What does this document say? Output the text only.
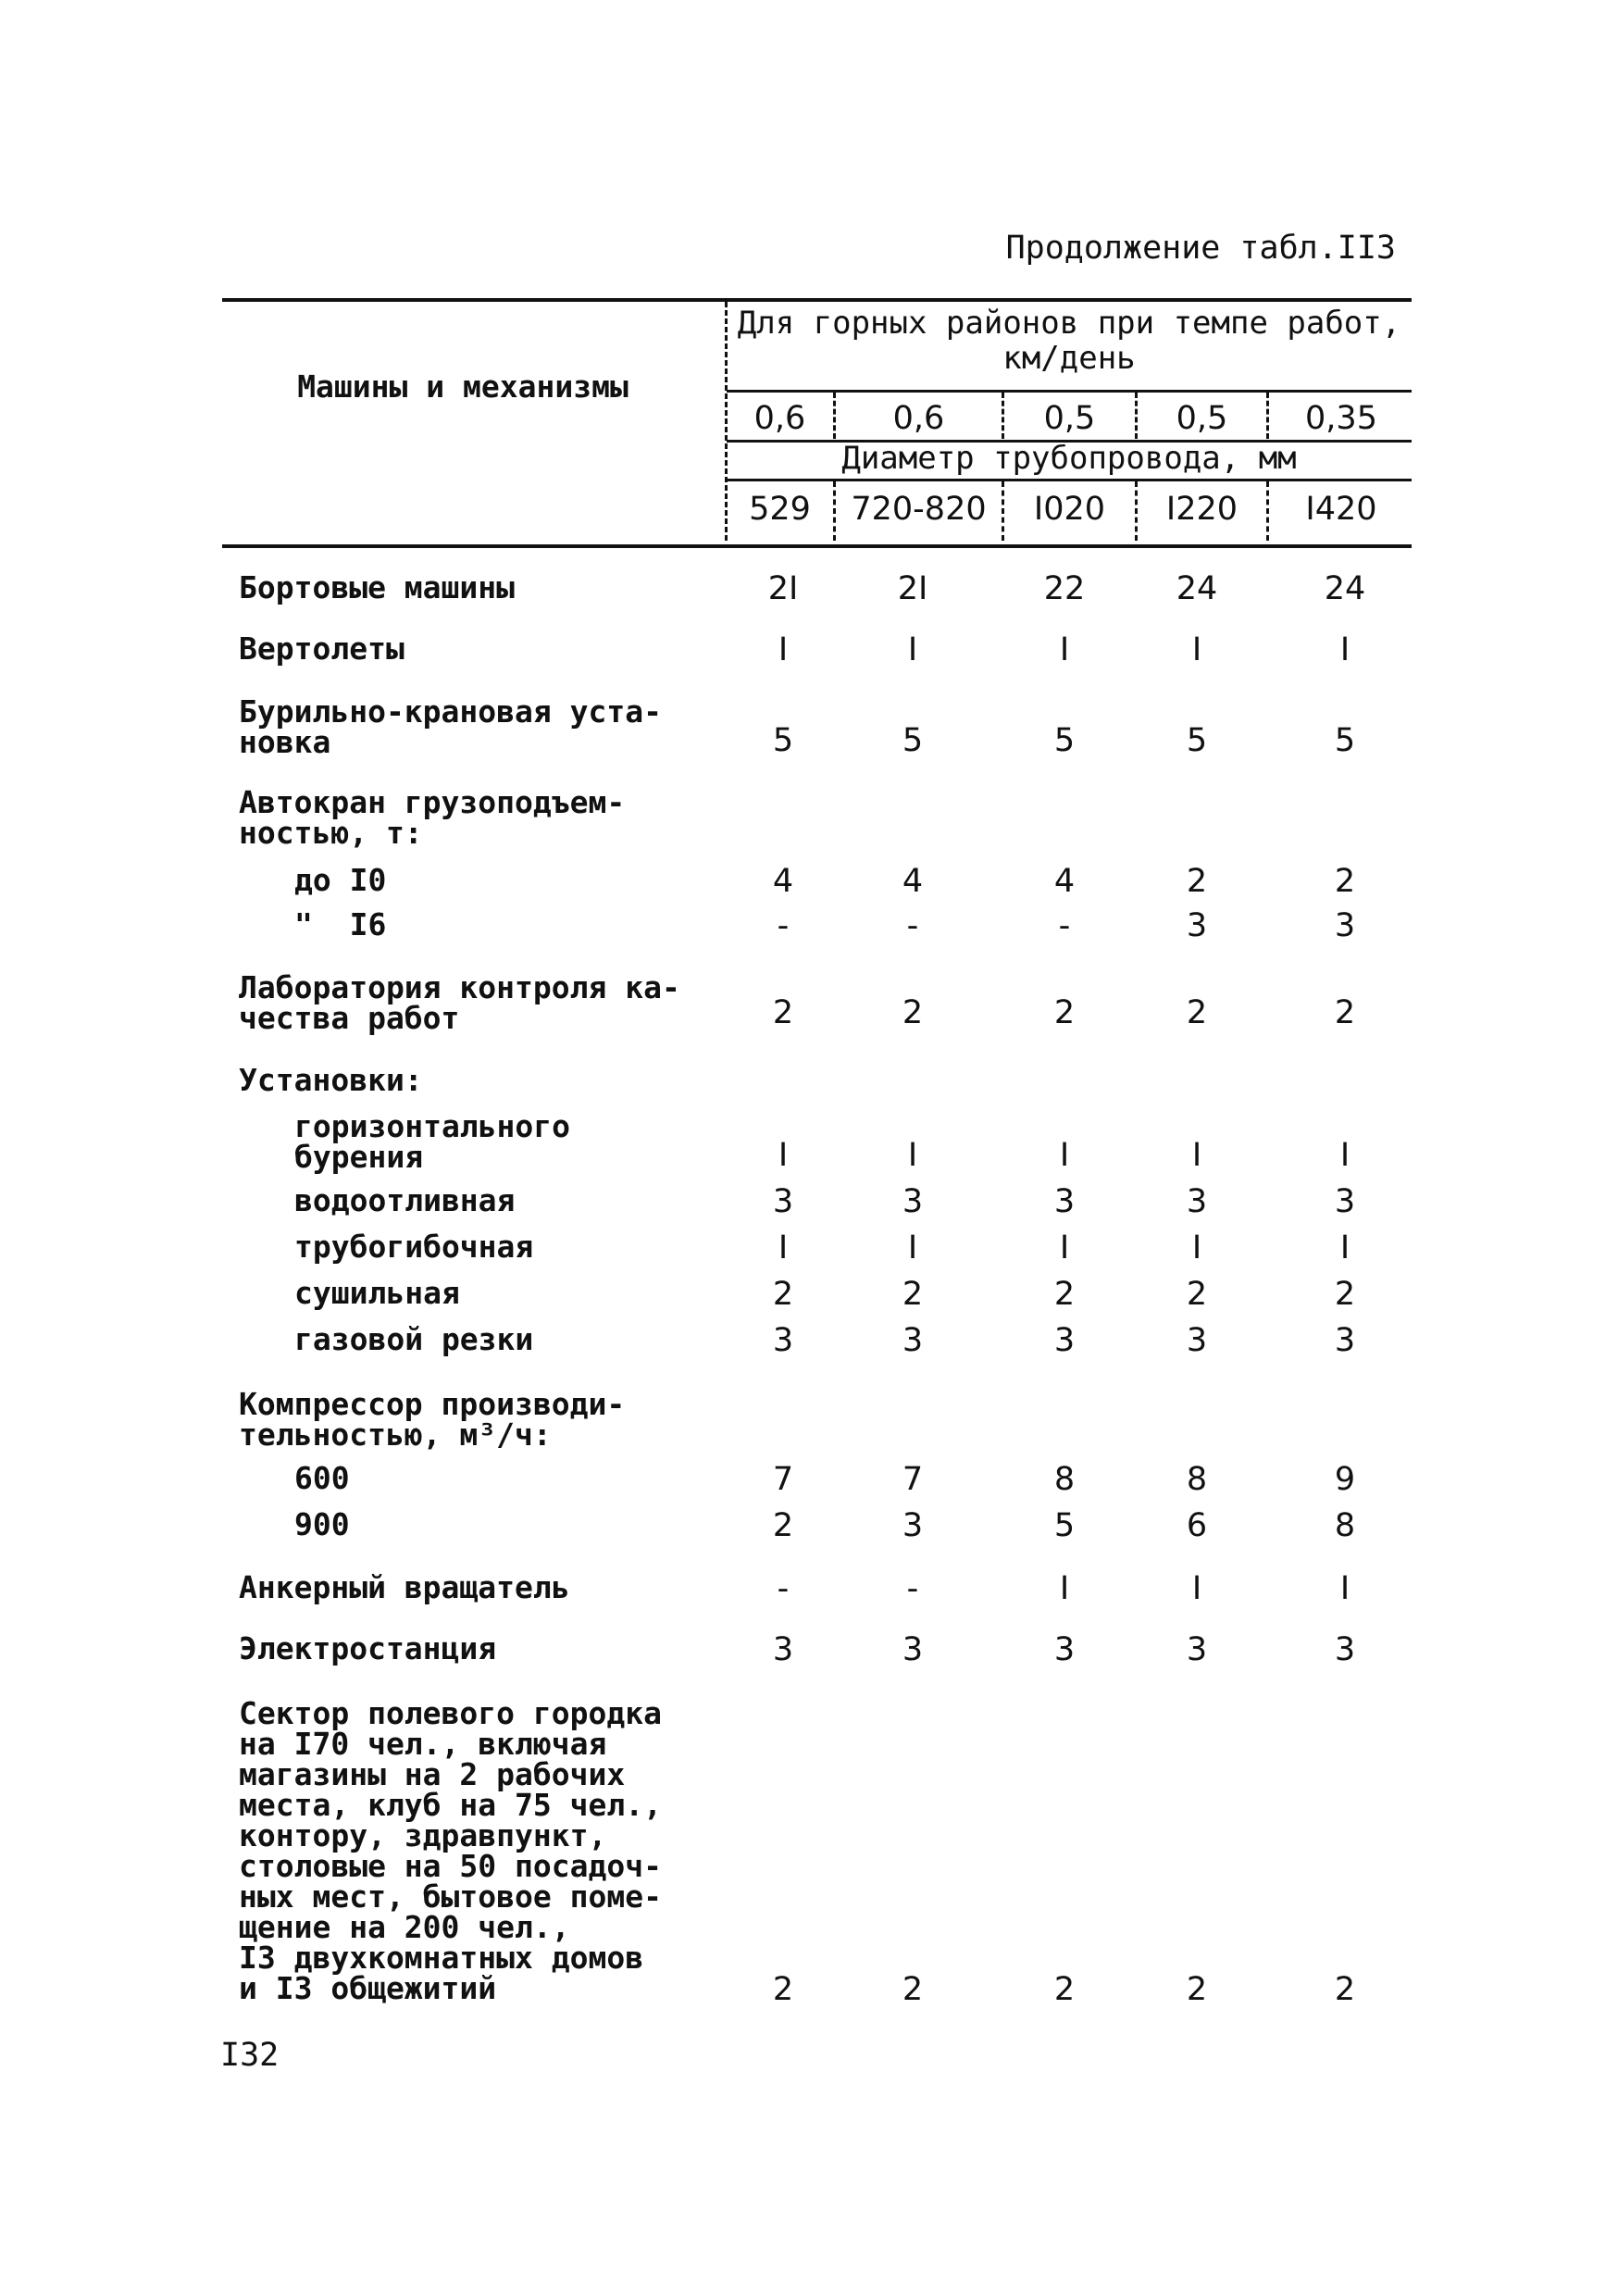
Продолжение табл.II3
Машины и механизмы
Для горных районов при темпе работ,
км/день
0,6	0,6	0,5	0,5	0,35
Диаметр трубопровода, мм
529	720-820	I020	I220	I420
Бортовые машины	2I	2I	22	24	24
Вертолеты	I	I	I	I	I
Бурильно-крановая уста-
новка	5	5	5	5	5
Автокран грузоподъем-
ностью, т:
до I0	4	4	4	2	2
"  I6	-	-	-	3	3
Лаборатория контроля ка-
чества работ	2	2	2	2	2
Установки:
горизонтального
бурения	I	I	I	I	I
водоотливная	3	3	3	3	3
трубогибочная	I	I	I	I	I
сушильная	2	2	2	2	2
газовой резки	3	3	3	3	3
Компрессор производи-
тельностью, м³/ч:
600	7	7	8	8	9
900	2	3	5	6	8
Анкерный вращатель	-	-	I	I	I
Электростанция	3	3	3	3	3
Сектор полевого городка
на I70 чел., включая
магазины на 2 рабочих
места, клуб на 75 чел.,
контору, здравпункт,
столовые на 50 посадоч-
ных мест, бытовое поме-
щение на 200 чел.,
I3 двухкомнатных домов
и I3 общежитий	2	2	2	2	2
I32
